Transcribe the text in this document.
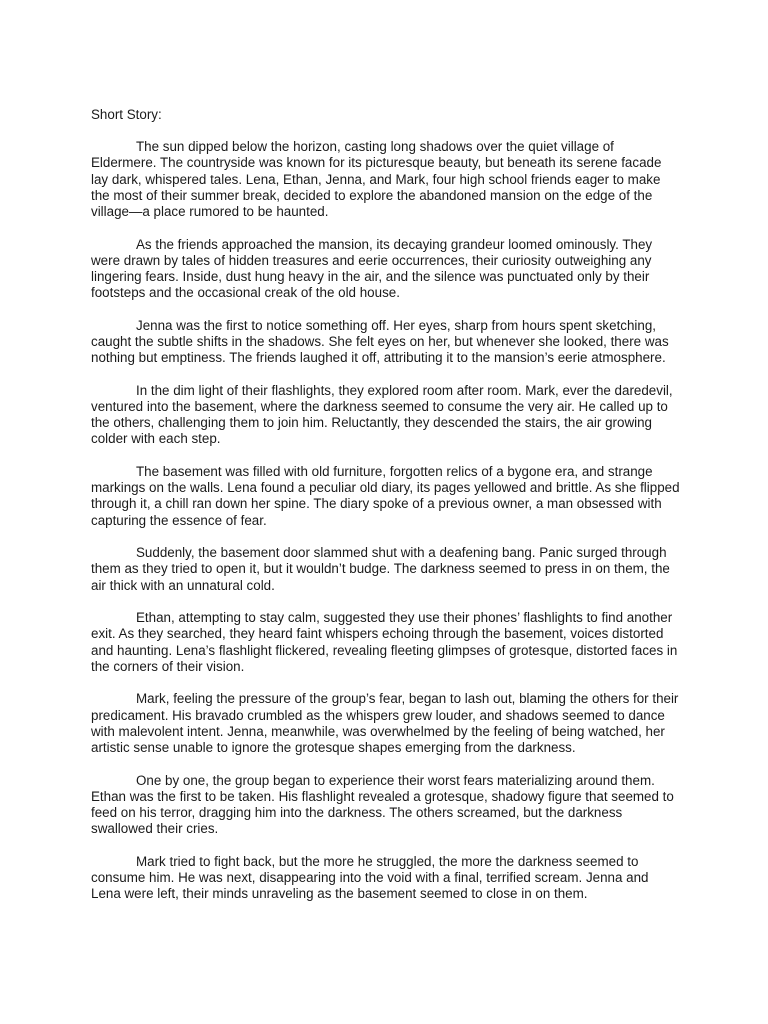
Short Story:

The sun dipped below the horizon, casting long shadows over the quiet village of Eldermere. The countryside was known for its picturesque beauty, but beneath its serene facade lay dark, whispered tales. Lena, Ethan, Jenna, and Mark, four high school friends eager to make the most of their summer break, decided to explore the abandoned mansion on the edge of the village—a place rumored to be haunted.

As the friends approached the mansion, its decaying grandeur loomed ominously. They were drawn by tales of hidden treasures and eerie occurrences, their curiosity outweighing any lingering fears. Inside, dust hung heavy in the air, and the silence was punctuated only by their footsteps and the occasional creak of the old house.

Jenna was the first to notice something off. Her eyes, sharp from hours spent sketching, caught the subtle shifts in the shadows. She felt eyes on her, but whenever she looked, there was nothing but emptiness. The friends laughed it off, attributing it to the mansion’s eerie atmosphere.

In the dim light of their flashlights, they explored room after room. Mark, ever the daredevil, ventured into the basement, where the darkness seemed to consume the very air. He called up to the others, challenging them to join him. Reluctantly, they descended the stairs, the air growing colder with each step.

The basement was filled with old furniture, forgotten relics of a bygone era, and strange markings on the walls. Lena found a peculiar old diary, its pages yellowed and brittle. As she flipped through it, a chill ran down her spine. The diary spoke of a previous owner, a man obsessed with capturing the essence of fear.

Suddenly, the basement door slammed shut with a deafening bang. Panic surged through them as they tried to open it, but it wouldn’t budge. The darkness seemed to press in on them, the air thick with an unnatural cold.

Ethan, attempting to stay calm, suggested they use their phones’ flashlights to find another exit. As they searched, they heard faint whispers echoing through the basement, voices distorted and haunting. Lena’s flashlight flickered, revealing fleeting glimpses of grotesque, distorted faces in the corners of their vision.

Mark, feeling the pressure of the group’s fear, began to lash out, blaming the others for their predicament. His bravado crumbled as the whispers grew louder, and shadows seemed to dance with malevolent intent. Jenna, meanwhile, was overwhelmed by the feeling of being watched, her artistic sense unable to ignore the grotesque shapes emerging from the darkness.

One by one, the group began to experience their worst fears materializing around them. Ethan was the first to be taken. His flashlight revealed a grotesque, shadowy figure that seemed to feed on his terror, dragging him into the darkness. The others screamed, but the darkness swallowed their cries.

Mark tried to fight back, but the more he struggled, the more the darkness seemed to consume him. He was next, disappearing into the void with a final, terrified scream. Jenna and Lena were left, their minds unraveling as the basement seemed to close in on them.
